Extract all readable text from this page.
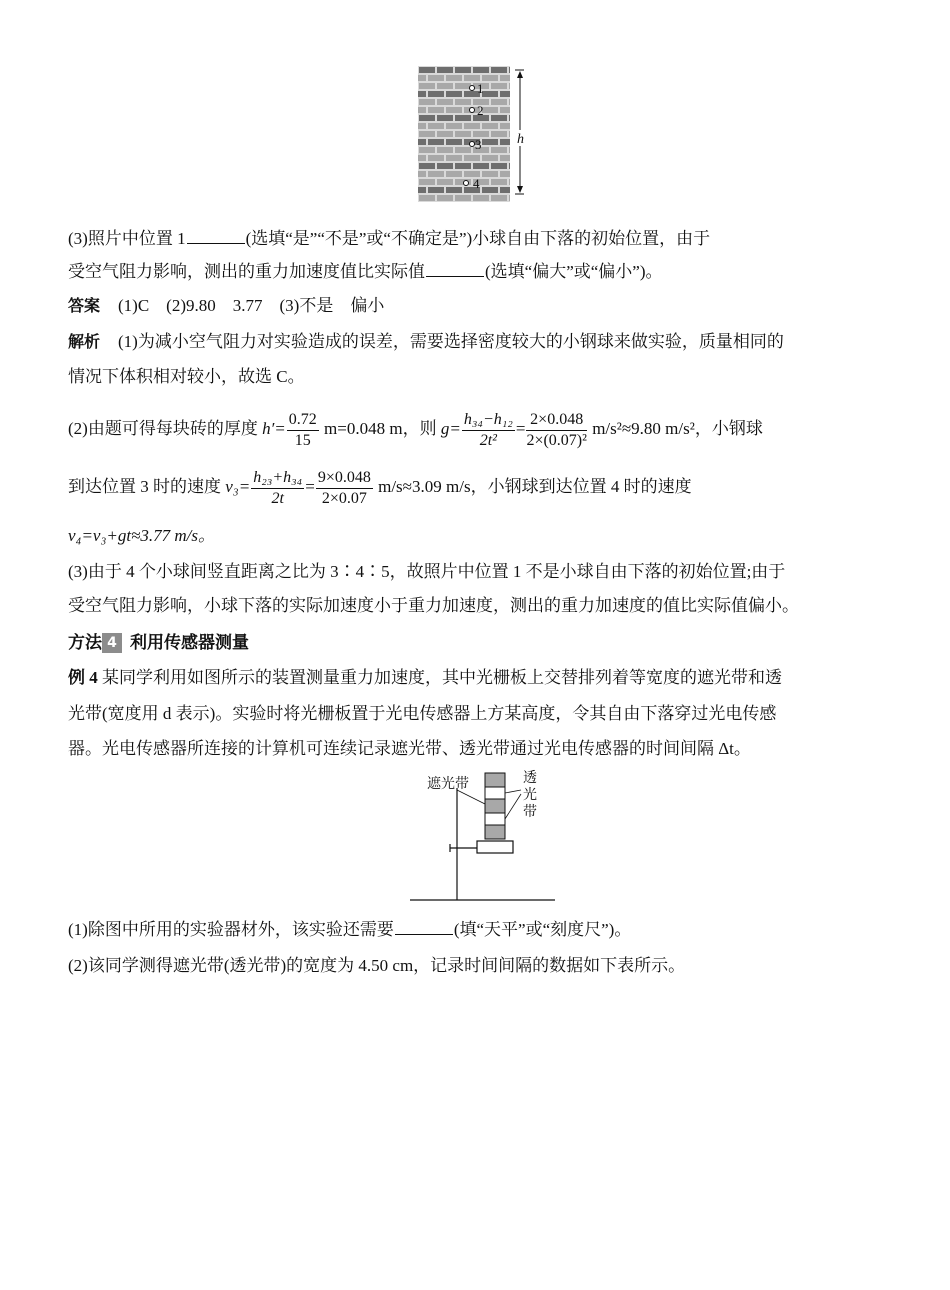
1
2
3
4
h
(3)照片中位置 1	(选填“是”“不是”或“不确定是”)小球自由下落的初始位置，由于
受空气阻力影响，测出的重力加速度值比实际值	(选填“偏大”或“偏小”)。
答案 (1)C　(2)9.80　3.77　(3)不是　偏小
解析 (1)为减小空气阻力对实验造成的误差，需要选择密度较大的小钢球来做实验，质量相同的
情况下体积相对较小，故选 C。
(2)由题可得每块砖的厚度 $h'= \frac{0.72}{15} m=0.048$ m，则 $g= \frac{\text{h₃₄−h₁₂}}{\text{2t²}} = \frac{2\times 0.048}{\text{2×(0.07)²}} m/s^2\approx 9.80$ m/s²，小钢球
到达位置 3 时的速度 $v_3= \frac{\text{h₂₃+h₃₄}}{2t} = \frac{9\times 0.048}{2\times 0.07} m/s\approx 3.09$ m/s，小钢球到达位置 4 时的速度
v₄=v₃+gt≈3.77 m/s。
(3)由于 4 个小球间竖直距离之比为 3∶4∶5，故照片中位置 1 不是小球自由下落的初始位置;由于
受空气阻力影响，小球下落的实际加速度小于重力加速度，测出的重力加速度的值比实际值偏小。
方法 4 利用传感器测量
例 4 某同学利用如图所示的装置测量重力加速度，其中光栅板上交替排列着等宽度的遮光带和透
光带(宽度用 d 表示)。实验时将光栅板置于光电传感器上方某高度，令其自由下落穿过光电传感
器。光电传感器所连接的计算机可连续记录遮光带、透光带通过光电传感器的时间间隔 Δt。
遮光带	透
光
带
(1)除图中所用的实验器材外，该实验还需要	(填“天平”或“刻度尺”)。
(2)该同学测得遮光带(透光带)的宽度为 4.50 cm，记录时间间隔的数据如下表所示。
